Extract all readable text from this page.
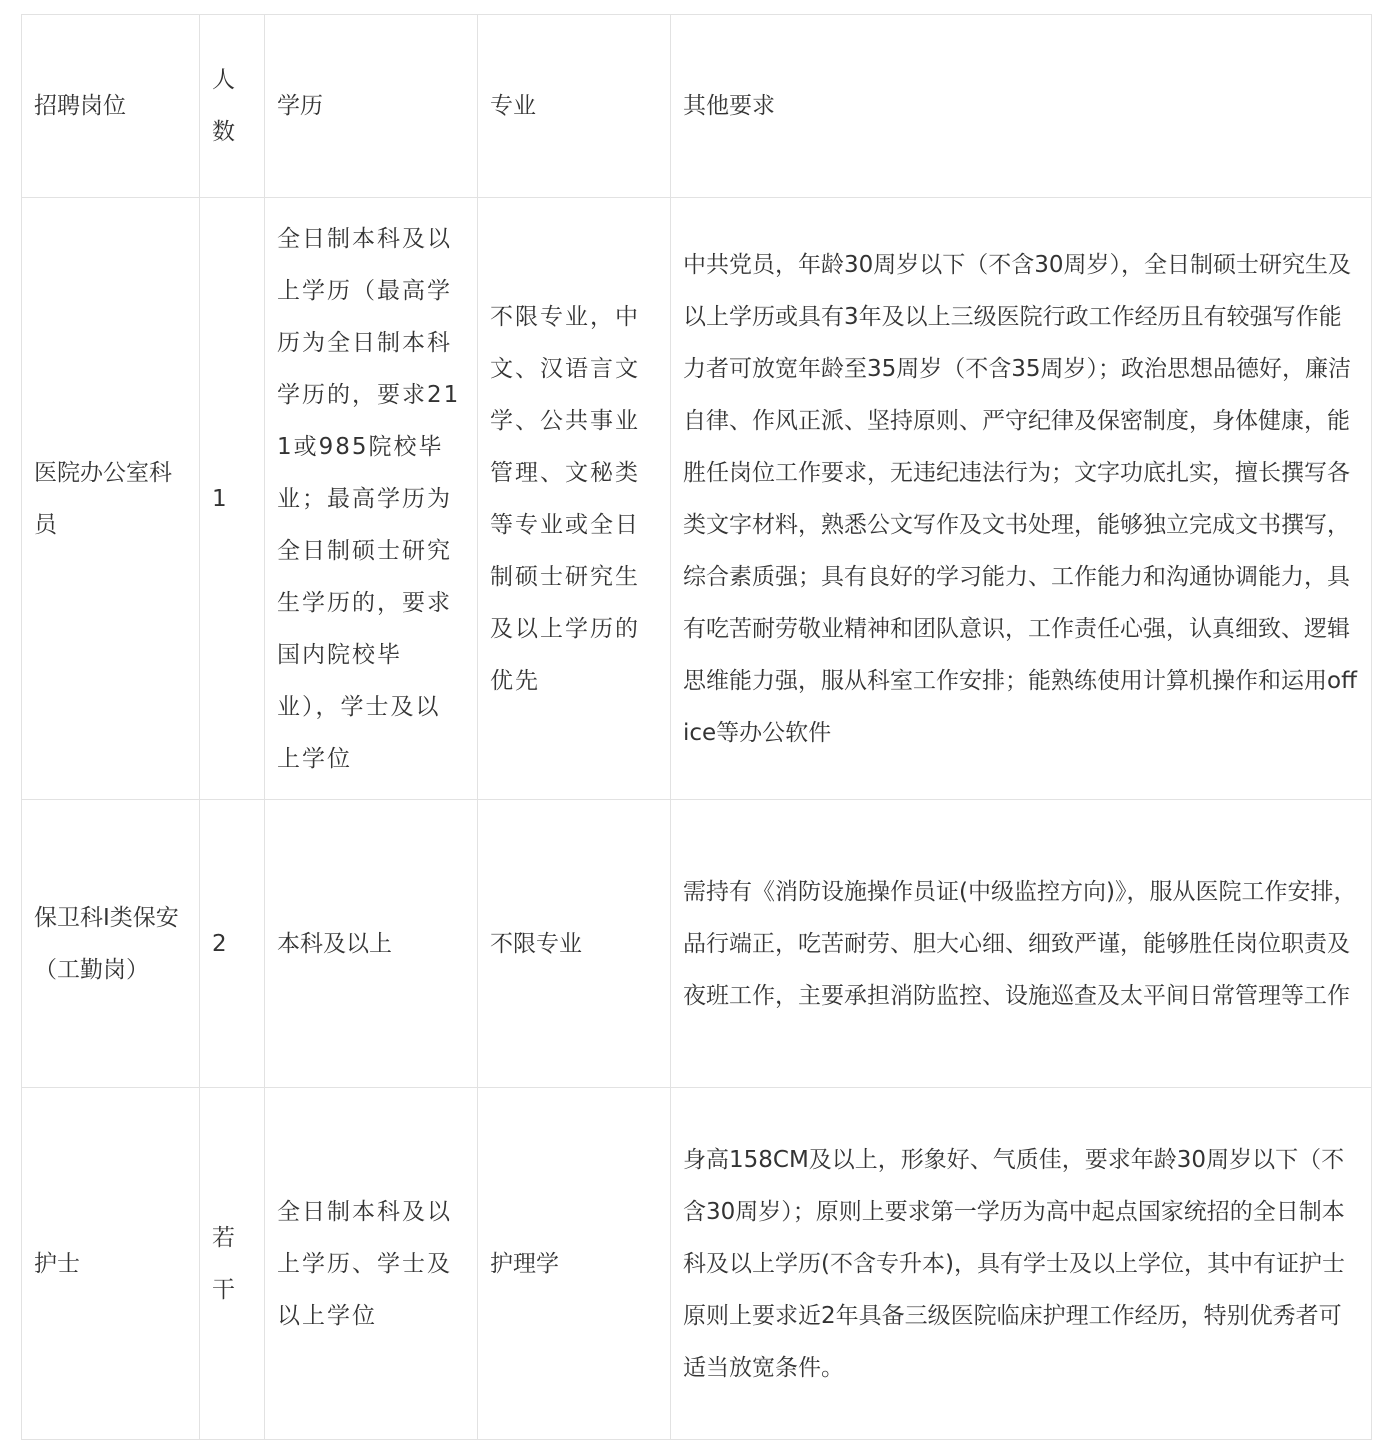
招聘岗位	人数	学历	专业	其他要求
医院办公室科员	1	全日制本科及以上学历（最高学历为全日制本科学历的，要求211或985院校毕业；最高学历为全日制硕士研究生学历的，要求国内院校毕业），学士及以上学位	不限专业，中文、汉语言文学、公共事业管理、文秘类等专业或全日制硕士研究生及以上学历的优先	中共党员，年龄30周岁以下（不含30周岁），全日制硕士研究生及以上学历或具有3年及以上三级医院行政工作经历且有较强写作能力者可放宽年龄至35周岁（不含35周岁）；政治思想品德好，廉洁自律、作风正派、坚持原则、严守纪律及保密制度，身体健康，能胜任岗位工作要求，无违纪违法行为；文字功底扎实，擅长撰写各类文字材料，熟悉公文写作及文书处理，能够独立完成文书撰写，综合素质强；具有良好的学习能力、工作能力和沟通协调能力，具有吃苦耐劳敬业精神和团队意识，工作责任心强，认真细致、逻辑思维能力强，服从科室工作安排；能熟练使用计算机操作和运用office等办公软件
保卫科I类保安（工勤岗）	2	本科及以上	不限专业	需持有《消防设施操作员证(中级监控方向)》，服从医院工作安排，品行端正，吃苦耐劳、胆大心细、细致严谨，能够胜任岗位职责及夜班工作，主要承担消防监控、设施巡查及太平间日常管理等工作
护士	若干	全日制本科及以上学历、学士及以上学位	护理学	身高158CM及以上，形象好、气质佳，要求年龄30周岁以下（不含30周岁）；原则上要求第一学历为高中起点国家统招的全日制本科及以上学历(不含专升本)，具有学士及以上学位，其中有证护士原则上要求近2年具备三级医院临床护理工作经历，特别优秀者可适当放宽条件。
